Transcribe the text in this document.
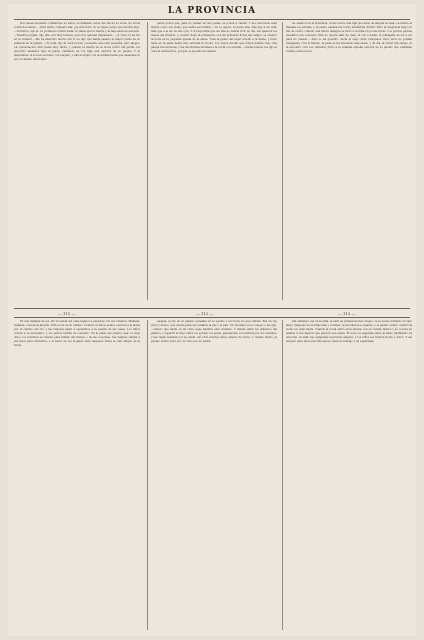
LA PROVINCIA

Dos meses llevaban confiándole su amor, se hallaban cerca del día de su boda. Su novia volvía del campo. —Esta tarde, contestó ella: ¡ya eres mío!; no te vayas, tengo que decirte algo. —Nosotros, dijo él, no podemos ocultar nada; tú sabes que tu madre y la mía están de acuerdo. —Nuestros papás, dijo ella, son muy buenos; pero nos quieren demasiado. —¡Y cómo te ha ido en la ciudad? —Me he aburrido mucho sin tí. Le dijo que había pasado la mayor parte de su estancia en la iglesia. —Tu vida, dijo él, será la mía, y nuestra casa será pequeña, pero alegre. La conversación duró hasta muy tarde, y cuando la madre de la novia volvió del jardín, los encontró sentados bajo la parra, cantando en voz baja una canción de su pueblo. Y al despedirse, él le besó la mano con respeto, y ella le siguió con la mirada hasta que desapareció por el camino del molino.

gente pobre que, para no pensar en sus penas, se ponen a cantar. Y sus canciones eran tristes como sus vidas, que nadie escuchaba. —Yo te quiero, le decía ella, más que a mi vida; más que a la luz de mis ojos. Y él respondía que sin ella no sabría vivir un día. Así pasaron los meses del invierno, y cuando llegó la primavera, con las primeras flores del campo, se celebró la boda en la pequeña iglesia de la aldea. Toda la gente del lugar acudió a la fiesta, y hubo baile en la plaza hasta muy entrada la noche. Los viejos decían que nunca habían visto una pareja tan hermosa, y las muchachas miraban a la novia con envidia. —Seréis felices, les dijo el cura al bendecirlos, porque os queréis de verdad.

Se casaron en la Dominica. Al año nació una hija que llenó de alegría la casa. La madre la llamaba su estrella, y el padre pasaba las horas mirándola dormir. Pero la desgracia llegó un día de otoño, cuando una fiebre maligna se llevó a la niña en pocas horas. Los pobres padres quedaron sin consuelo. Ella no quería salir de casa, ni ver a nadie; él trabajaba de sol a sol para no pensar. —Dios lo ha querido, decía el viejo cura; resignaos. Pero ellos no podían resignarse. Con el tiempo, la pena se fue haciendo más suave, y un día, al volver del campo, él la encontró otra vez cantando junto a la ventana aquella canción de su pueblo que cantaban cuando eran novios.

— 111 —	— 112 —	— 113 —

Es una mañana de sol. Por la senda del valle bajan los pastores con sus rebaños. Mañana, mañana, volverá la alegría. Verá el sol en su camino. Cuando el día se acaba, vuelven a la aldea por el camino del río, y las mujeres salen a esperarlos a la puerta de las casas. Los niños corren a su encuentro, y los perros ladran de contento. En la plaza del pueblo, bajo el viejo olmo, los hombres se reúnen para hablar del tiempo y de las cosechas. Las madres cantan a sus hijos para dormirlos, y el humo de los hogares sube despacio hacia el cielo limpio de la tarde.

pasada, el rey en su palacio pensaba en su pueblo y en todos los que sufrían. Era un rey justo y bueno, que quería para sus vasallos la paz y el pan. Un día llamó a su consejo y les dijo: —Quiero que nadie en mi reino pase hambre este invierno. Y mandó abrir los graneros del palacio, y repartir el trigo entre los pobres. La gente, agradecida, le bendecía por los caminos, y las viejas rezaban por su salud. Así vivió muchos años, amado de todos, y cuando murió, el pueblo entero lloró por él como por un padre.

Sin embargo, las de la niña, al salir en primavera del colegio, se le quedó mirando un rato largo. Después de muchas idas y venidas, se decidieron a casarse, y el pueblo entero celebró la boda con gran fiesta. Cuando la novia entró en la iglesia, con su vestido blanco y su corona de azahar, todos dijeron que parecía una santa. El novio la esperaba junto al altar, temblando de emoción. Al salir, las campanas repicaron alegres, y los niños les tiraron flores y arroz. Y así empezó para ellos una vida nueva, llena de trabajo y de esperanza.
